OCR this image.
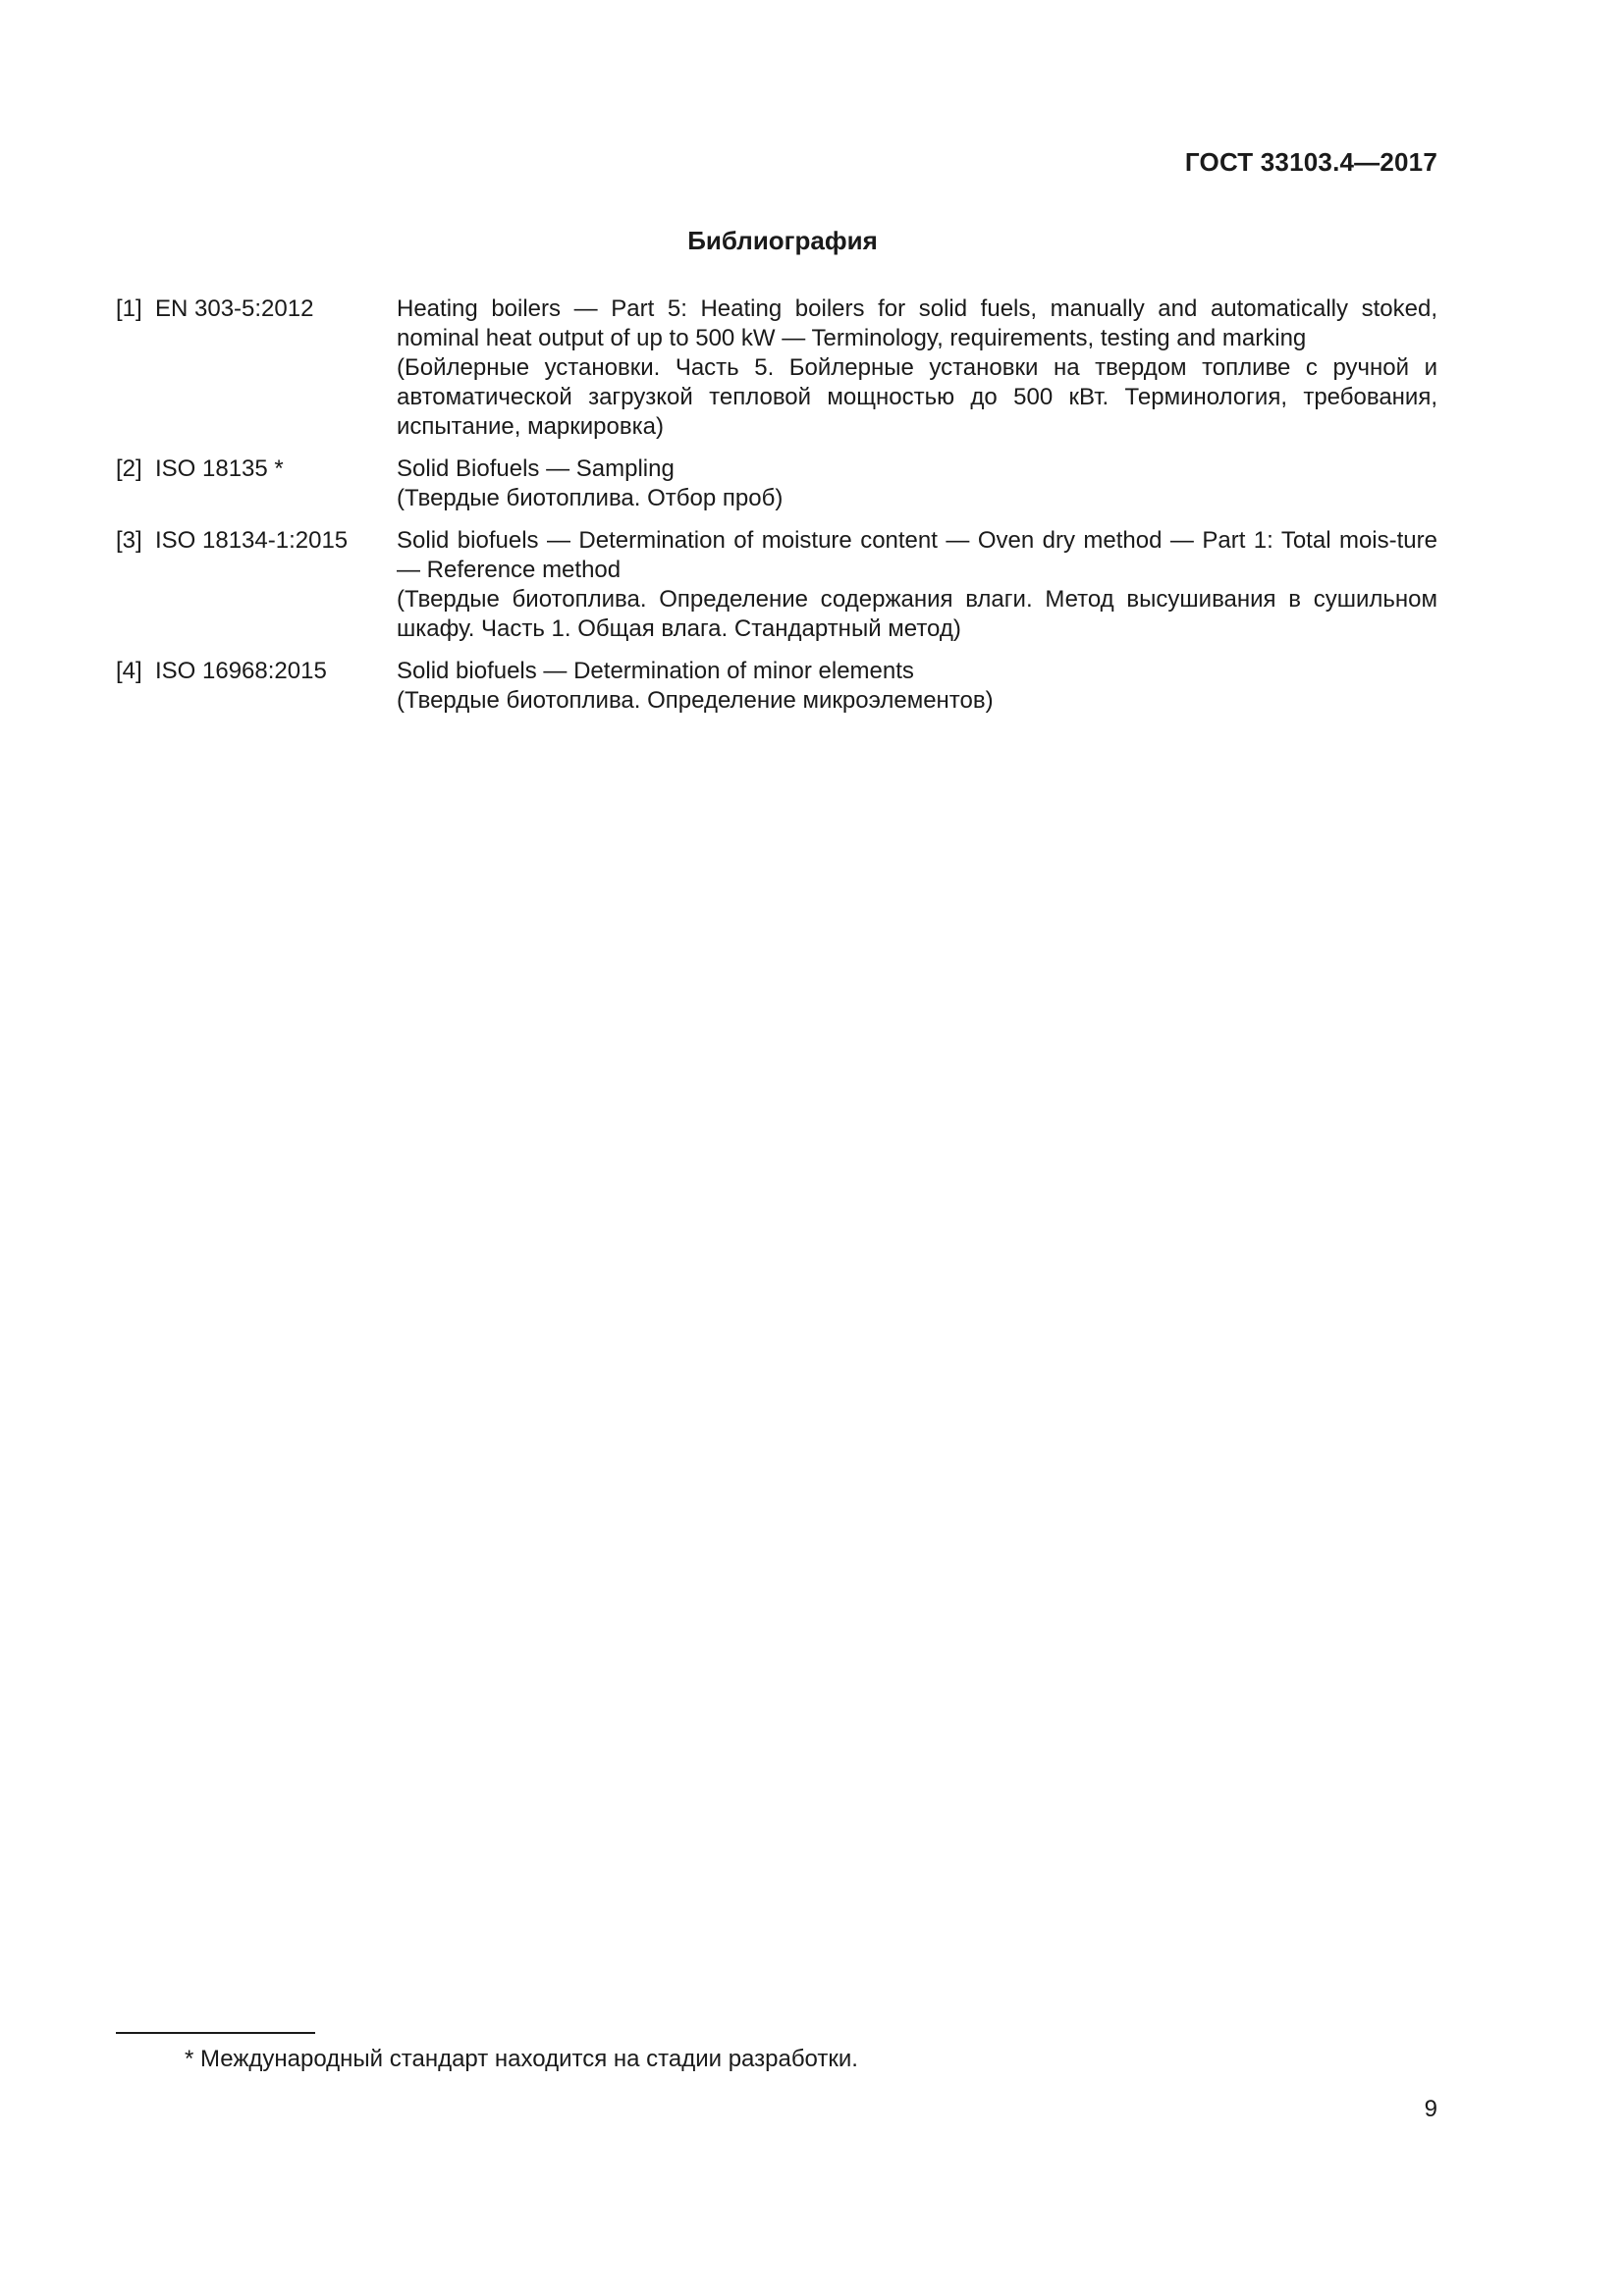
ГОСТ 33103.4—2017
Библиография
[1] EN 303-5:2012	Heating boilers — Part 5: Heating boilers for solid fuels, manually and automatically stoked, nominal heat output of up to 500 kW — Terminology, requirements, testing and marking
(Бойлерные установки. Часть 5. Бойлерные установки на твердом топливе с ручной и автоматической загрузкой тепловой мощностью до 500 кВт. Терминология, требования, испытание, маркировка)
[2] ISO 18135 *	Solid Biofuels — Sampling
(Твердые биотоплива. Отбор проб)
[3] ISO 18134-1:2015	Solid biofuels — Determination of moisture content — Oven dry method — Part 1: Total mois-ture — Reference method
(Твердые биотоплива. Определение содержания влаги. Метод высушивания в сушильном шкафу. Часть 1. Общая влага. Стандартный метод)
[4] ISO 16968:2015	Solid biofuels — Determination of minor elements
(Твердые биотоплива. Определение микроэлементов)
* Международный стандарт находится на стадии разработки.
9
